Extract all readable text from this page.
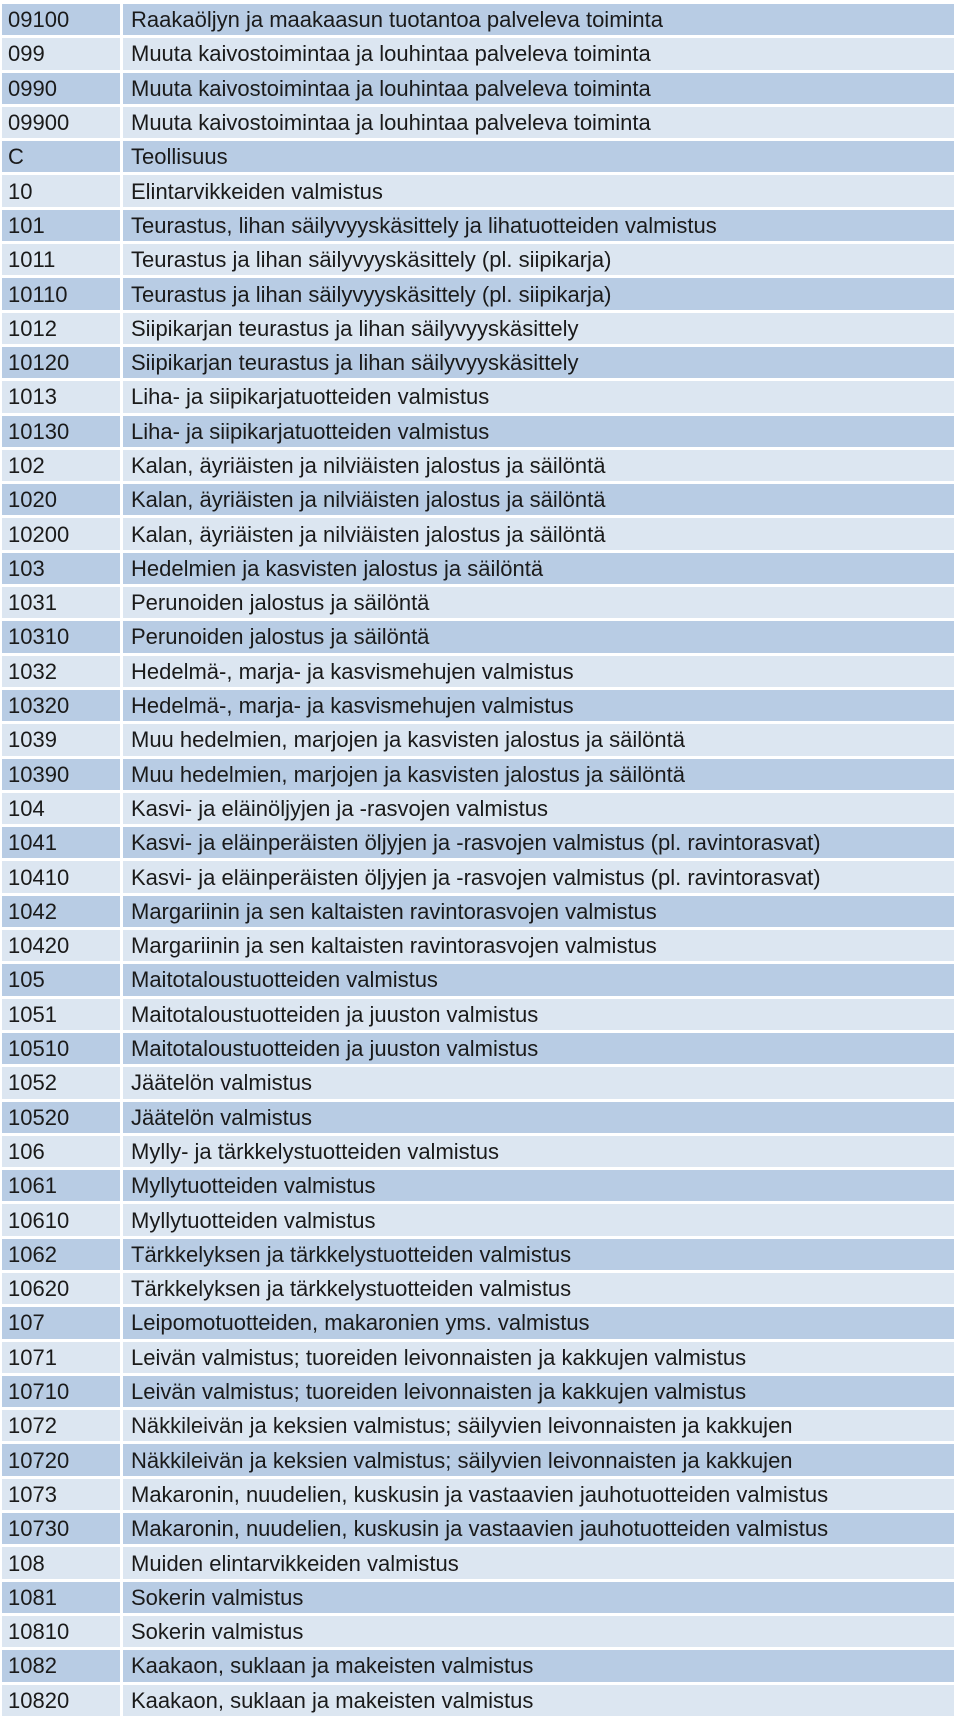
09100	Raakaöljyn ja maakaasun tuotantoa palveleva toiminta
099	Muuta kaivostoimintaa ja louhintaa palveleva toiminta
0990	Muuta kaivostoimintaa ja louhintaa palveleva toiminta
09900	Muuta kaivostoimintaa ja louhintaa palveleva toiminta
C	Teollisuus
10	Elintarvikkeiden valmistus
101	Teurastus, lihan säilyvyyskäsittely ja lihatuotteiden valmistus
1011	Teurastus ja lihan säilyvyyskäsittely (pl. siipikarja)
10110	Teurastus ja lihan säilyvyyskäsittely (pl. siipikarja)
1012	Siipikarjan teurastus ja lihan säilyvyyskäsittely
10120	Siipikarjan teurastus ja lihan säilyvyyskäsittely
1013	Liha- ja siipikarjatuotteiden valmistus
10130	Liha- ja siipikarjatuotteiden valmistus
102	Kalan, äyriäisten ja nilviäisten jalostus ja säilöntä
1020	Kalan, äyriäisten ja nilviäisten jalostus ja säilöntä
10200	Kalan, äyriäisten ja nilviäisten jalostus ja säilöntä
103	Hedelmien ja kasvisten jalostus ja säilöntä
1031	Perunoiden jalostus ja säilöntä
10310	Perunoiden jalostus ja säilöntä
1032	Hedelmä-, marja- ja kasvismehujen valmistus
10320	Hedelmä-, marja- ja kasvismehujen valmistus
1039	Muu hedelmien, marjojen ja kasvisten jalostus ja säilöntä
10390	Muu hedelmien, marjojen ja kasvisten jalostus ja säilöntä
104	Kasvi- ja eläinöljyjen ja -rasvojen valmistus
1041	Kasvi- ja eläinperäisten öljyjen ja -rasvojen valmistus (pl. ravintorasvat)
10410	Kasvi- ja eläinperäisten öljyjen ja -rasvojen valmistus (pl. ravintorasvat)
1042	Margariinin ja sen kaltaisten ravintorasvojen valmistus
10420	Margariinin ja sen kaltaisten ravintorasvojen valmistus
105	Maitotaloustuotteiden valmistus
1051	Maitotaloustuotteiden ja juuston valmistus
10510	Maitotaloustuotteiden ja juuston valmistus
1052	Jäätelön valmistus
10520	Jäätelön valmistus
106	Mylly- ja tärkkelystuotteiden valmistus
1061	Myllytuotteiden valmistus
10610	Myllytuotteiden valmistus
1062	Tärkkelyksen ja tärkkelystuotteiden valmistus
10620	Tärkkelyksen ja tärkkelystuotteiden valmistus
107	Leipomotuotteiden, makaronien yms. valmistus
1071	Leivän valmistus; tuoreiden leivonnaisten ja kakkujen valmistus
10710	Leivän valmistus; tuoreiden leivonnaisten ja kakkujen valmistus
1072	Näkkileivän ja keksien valmistus; säilyvien leivonnaisten ja kakkujen
10720	Näkkileivän ja keksien valmistus; säilyvien leivonnaisten ja kakkujen
1073	Makaronin, nuudelien, kuskusin ja vastaavien jauhotuotteiden valmistus
10730	Makaronin, nuudelien, kuskusin ja vastaavien jauhotuotteiden valmistus
108	Muiden elintarvikkeiden valmistus
1081	Sokerin valmistus
10810	Sokerin valmistus
1082	Kaakaon, suklaan ja makeisten valmistus
10820	Kaakaon, suklaan ja makeisten valmistus
